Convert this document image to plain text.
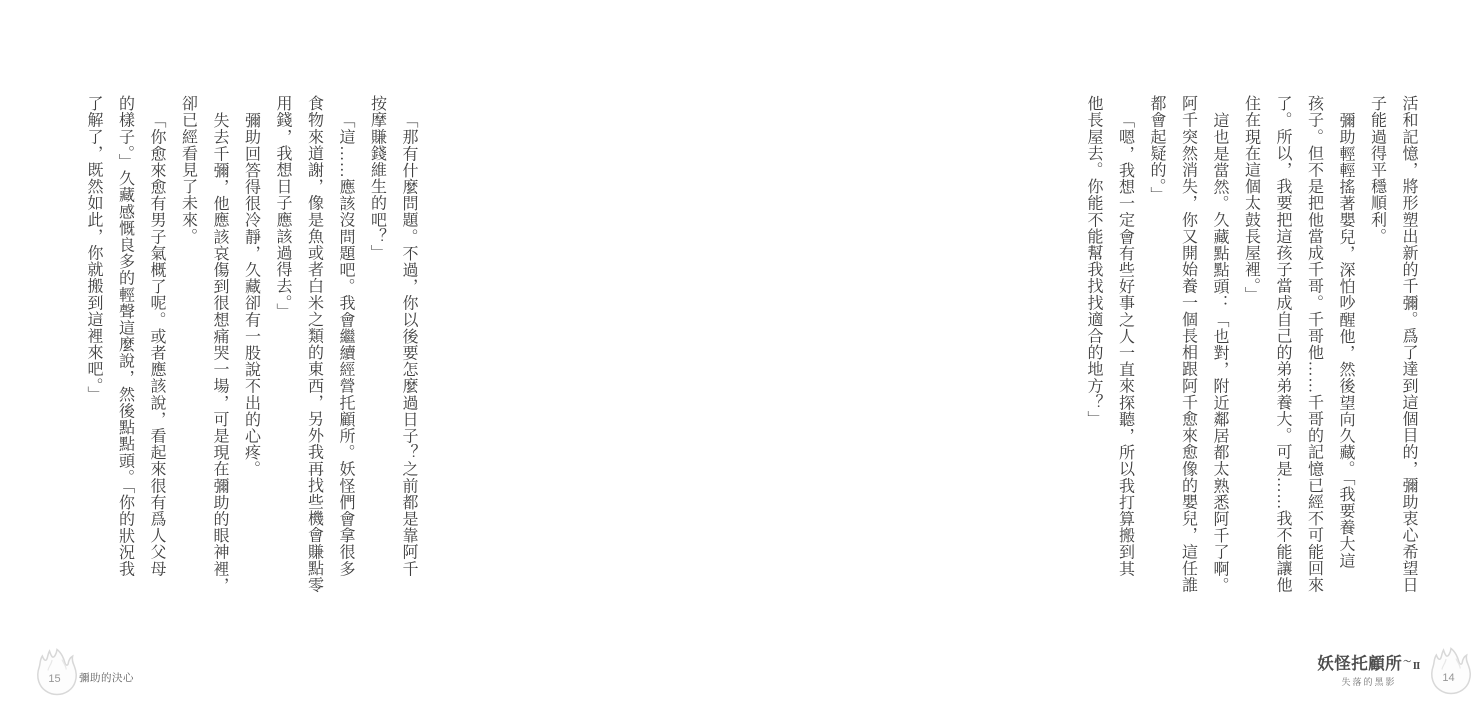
活和記憶，將形塑出新的千彌。爲了達到這個目的，彌助衷心希望日
子能過得平穩順利。
彌助輕輕搖著嬰兒，深怕吵醒他，然後望向久藏。「我要養大這
孩子。但不是把他當成千哥。千哥他……千哥的記憶已經不可能回來
了。所以，我要把這孩子當成自己的弟弟養大。可是……我不能讓他
住在現在這個太鼓長屋裡。」
這也是當然。久藏點點頭：「也對，附近鄰居都太熟悉阿千了啊。
阿千突然消失，你又開始養一個長相跟阿千愈來愈像的嬰兒，這任誰
都會起疑的。」
「嗯，我想一定會有些好事之人一直來探聽，所以我打算搬到其
他長屋去。你能不能幫我找找適合的地方？」
妖怪托顧所〜Ⅱ
失落的黑影	14
「那有什麼問題。不過，你以後要怎麼過日子？之前都是靠阿千
按摩賺錢維生的吧？」
「這……應該沒問題吧。我會繼續經營托顧所。妖怪們會拿很多
食物來道謝，像是魚或者白米之類的東西，另外我再找些機會賺點零
用錢，我想日子應該過得去。」
彌助回答得很冷靜，久藏卻有一股說不出的心疼。
失去千彌，他應該哀傷到很想痛哭一場，可是現在彌助的眼神裡，
卻已經看見了未來。
「你愈來愈有男子氣概了呢。或者應該說，看起來很有爲人父母
的樣子。」久藏感慨良多的輕聲這麼說，然後點點頭。「你的狀況我
了解了，既然如此，你就搬到這裡來吧。」
15	彌助的決心
